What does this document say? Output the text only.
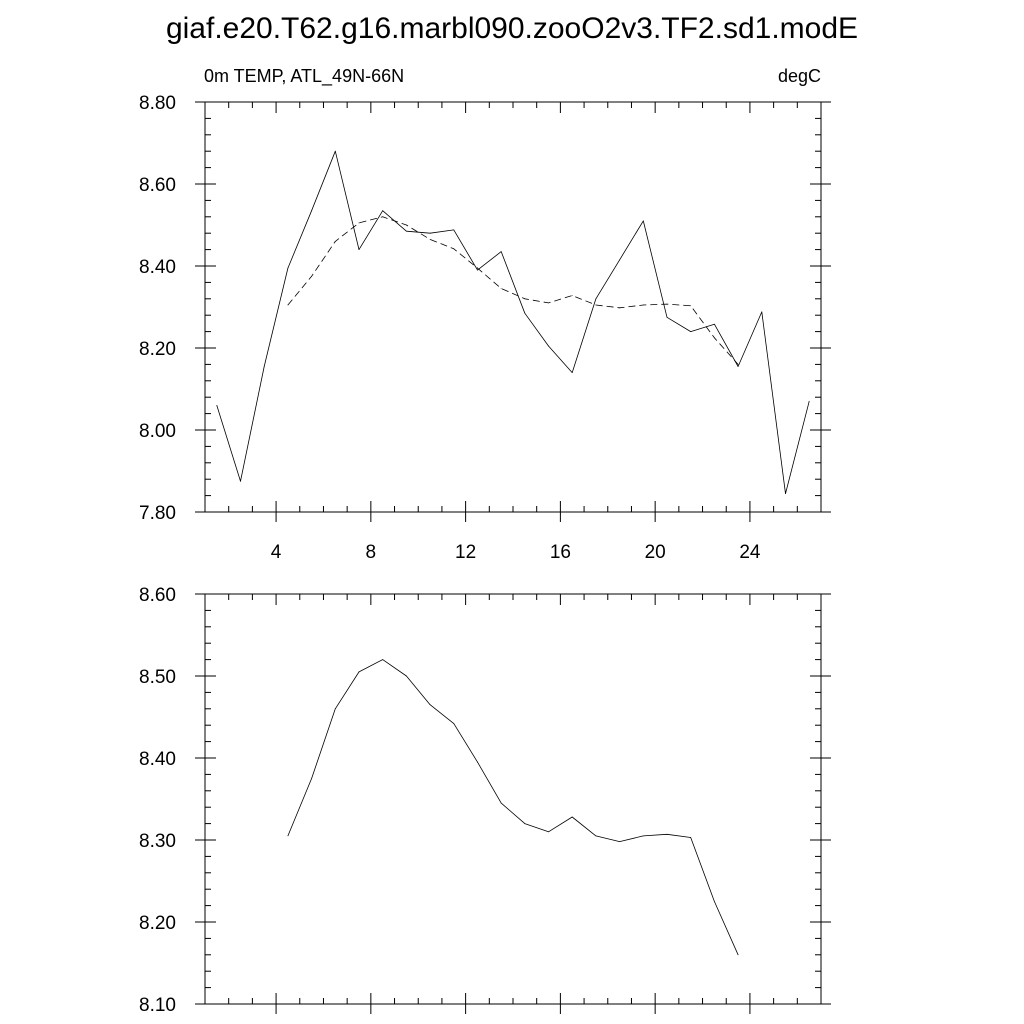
giaf.e20.T62.g16.marbl090.zooO2v3.TF2.sd1.modE
0m TEMP, ATL_49N-66N	degC
4	8	12	16	20	24
7.80
8.00
8.20
8.40
8.60
8.80
8.10
8.20
8.30
8.40
8.50
8.60
